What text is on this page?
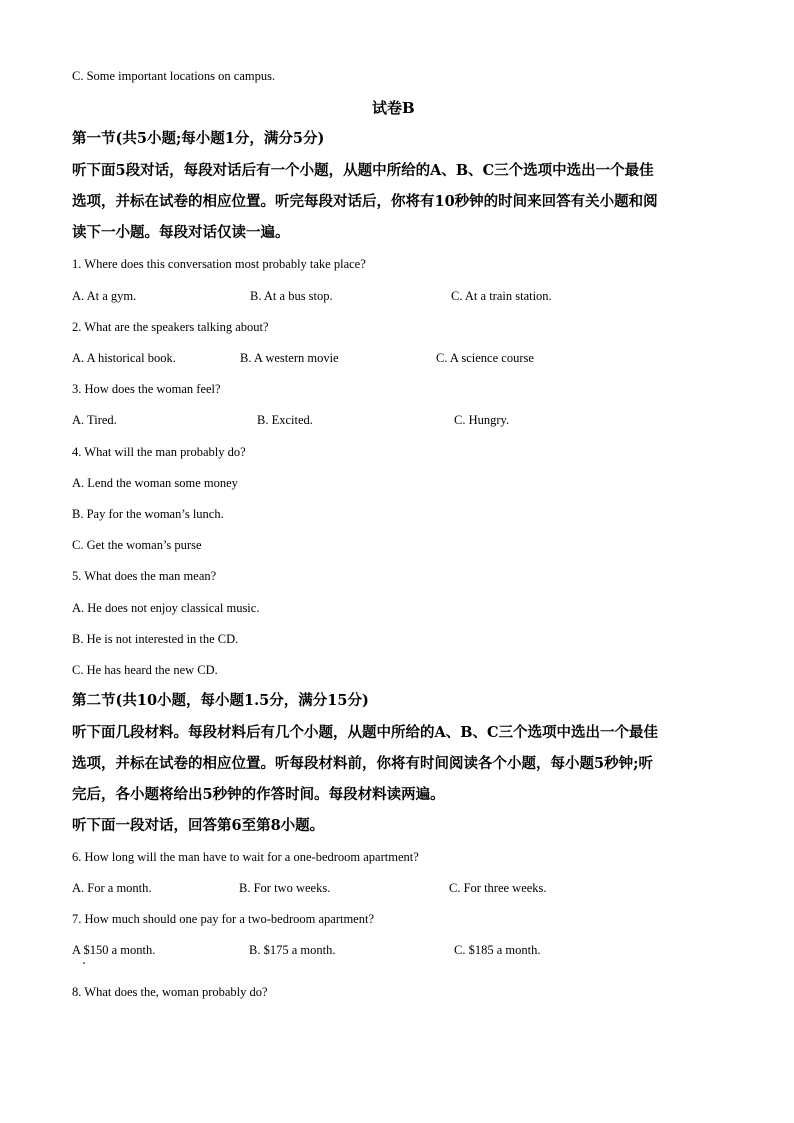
C. Some important locations on campus.
试卷B
第一节(共5小题;每小题1分，满分5分)
听下面5段对话，每段对话后有一个小题，从题中所给的A、B、C三个选项中选出一个最佳
选项，并标在试卷的相应位置。听完每段对话后，你将有10秒钟的时间来回答有关小题和阅
读下一小题。每段对话仅读一遍。
1. Where does this conversation most probably take place?
A. At a gym.	B. At a bus stop.	C. At a train station.
2. What are the speakers talking about?
A. A historical book.	B. A western movie	C. A science course
3. How does the woman feel?
A. Tired.	B. Excited.	C. Hungry.
4. What will the man probably do?
A. Lend the woman some money
B. Pay for the woman’s lunch.
C. Get the woman’s purse
5. What does the man mean?
A. He does not enjoy classical music.
B. He is not interested in the CD.
C. He has heard the new CD.
第二节(共10小题，每小题1.5分，满分15分)
听下面几段材料。每段材料后有几个小题，从题中所给的A、B、C三个选项中选出一个最佳
选项，并标在试卷的相应位置。听每段材料前，你将有时间阅读各个小题，每小题5秒钟;听
完后，各小题将给出5秒钟的作答时间。每段材料读两遍。
听下面一段对话，回答第6至第8小题。
6. How long will the man have to wait for a one-bedroom apartment?
A. For a month.	B. For two weeks.	C. For three weeks.
7. How much should one pay for a two-bedroom apartment?
A $150 a month.	B. $175 a month.	C. $185 a month.
8. What does the, woman probably do?
